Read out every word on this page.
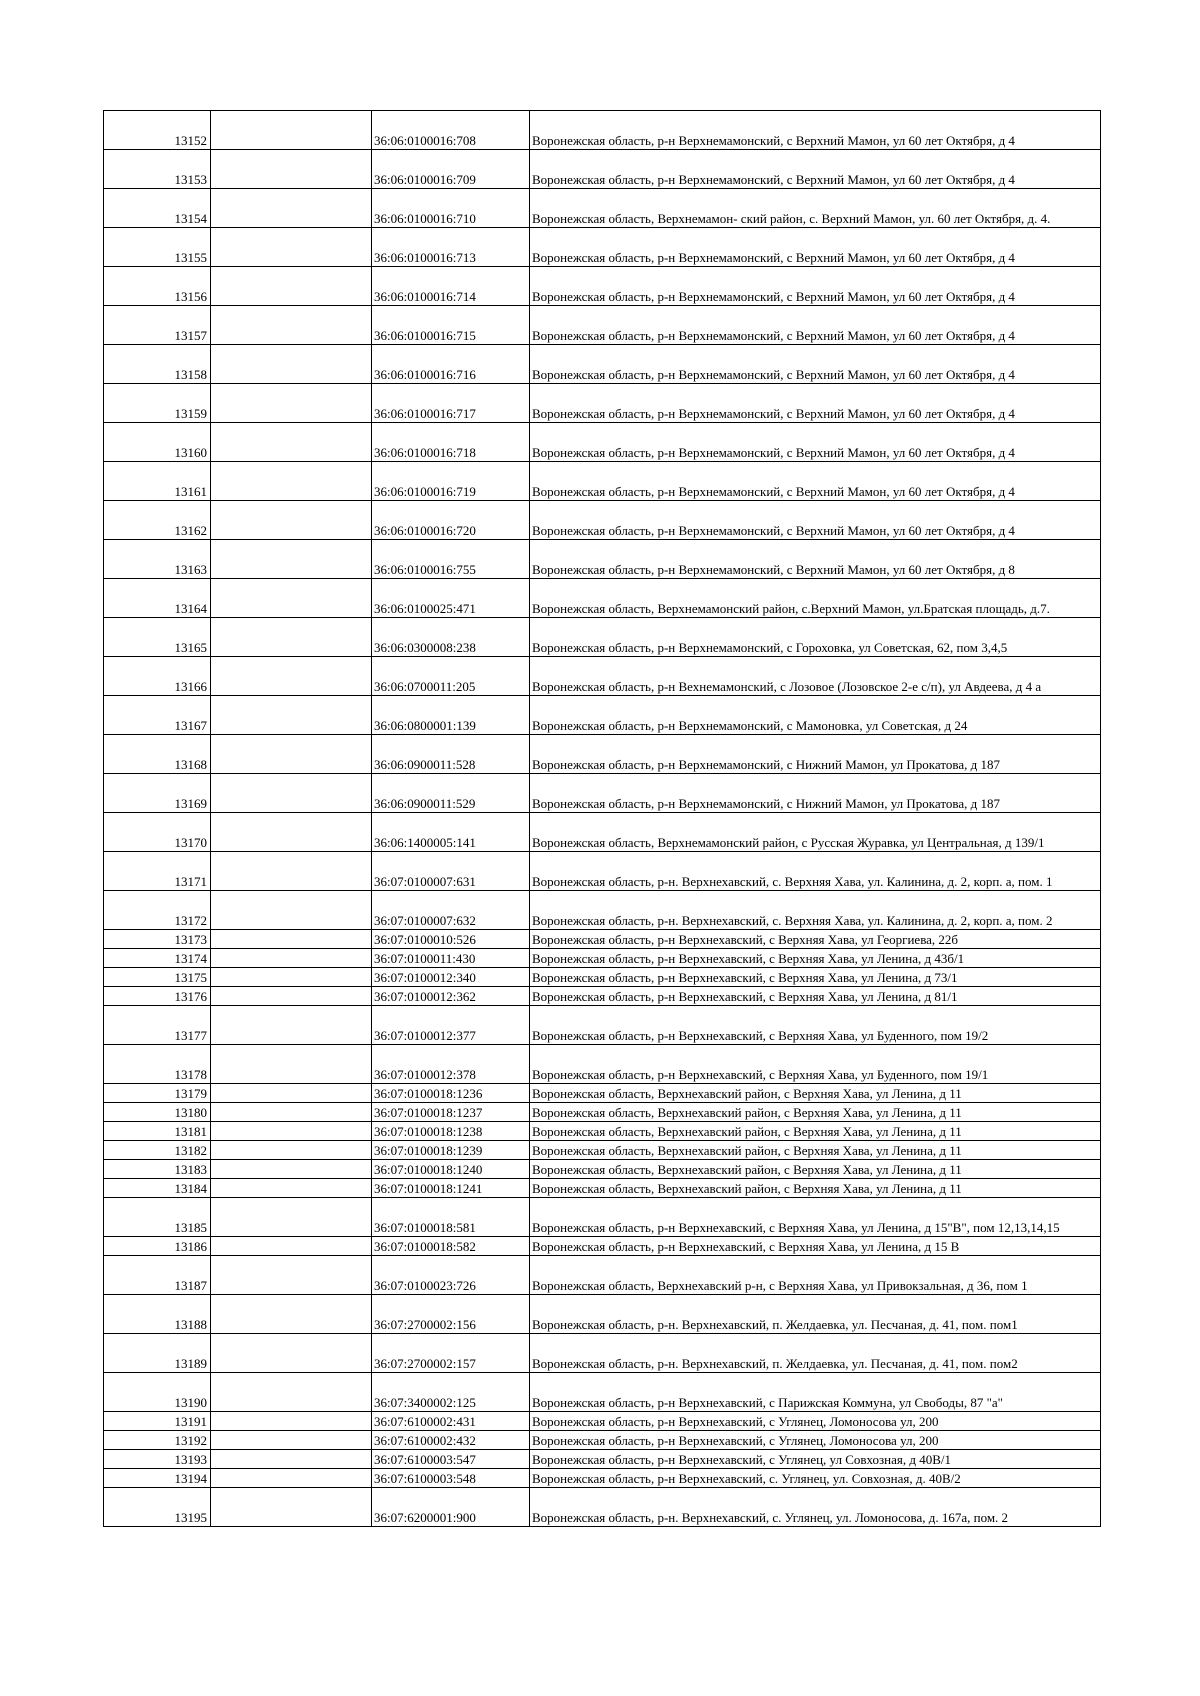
13152		36:06:0100016:708	Воронежская область, р-н Верхнемамонский, с Верхний Мамон, ул 60 лет Октября, д 4
13153		36:06:0100016:709	Воронежская область, р-н Верхнемамонский, с Верхний Мамон, ул 60 лет Октября, д 4
13154		36:06:0100016:710	Воронежская область, Верхнемамон- ский район, с. Верхний Мамон, ул. 60 лет Октября, д. 4.
13155		36:06:0100016:713	Воронежская область, р-н Верхнемамонский, с Верхний Мамон, ул 60 лет Октября, д 4
13156		36:06:0100016:714	Воронежская область, р-н Верхнемамонский, с Верхний Мамон, ул 60 лет Октября, д 4
13157		36:06:0100016:715	Воронежская область, р-н Верхнемамонский, с Верхний Мамон, ул 60 лет Октября, д 4
13158		36:06:0100016:716	Воронежская область, р-н Верхнемамонский, с Верхний Мамон, ул 60 лет Октября, д 4
13159		36:06:0100016:717	Воронежская область, р-н Верхнемамонский, с Верхний Мамон, ул 60 лет Октября, д 4
13160		36:06:0100016:718	Воронежская область, р-н Верхнемамонский, с Верхний Мамон, ул 60 лет Октября, д 4
13161		36:06:0100016:719	Воронежская область, р-н Верхнемамонский, с Верхний Мамон, ул 60 лет Октября, д 4
13162		36:06:0100016:720	Воронежская область, р-н Верхнемамонский, с Верхний Мамон, ул 60 лет Октября, д 4
13163		36:06:0100016:755	Воронежская область, р-н Верхнемамонский, с Верхний Мамон, ул 60 лет Октября, д 8
13164		36:06:0100025:471	Воронежская область, Верхнемамонский район, с.Верхний Мамон, ул.Братская площадь, д.7.
13165		36:06:0300008:238	Воронежская область, р-н Верхнемамонский, с Гороховка, ул Советская, 62, пом 3,4,5
13166		36:06:0700011:205	Воронежская область, р-н Вехнемамонский, с Лозовое (Лозовское 2-е с/п), ул Авдеева, д 4 а
13167		36:06:0800001:139	Воронежская область, р-н Верхнемамонский, с Мамоновка, ул Советская, д 24
13168		36:06:0900011:528	Воронежская область, р-н Верхнемамонский, с Нижний Мамон, ул Прокатова, д 187
13169		36:06:0900011:529	Воронежская область, р-н Верхнемамонский, с Нижний Мамон, ул Прокатова, д 187
13170		36:06:1400005:141	Воронежская область, Верхнемамонский район, с Русская Журавка, ул Центральная, д 139/1
13171		36:07:0100007:631	Воронежская область, р-н. Верхнехавский, с. Верхняя Хава, ул. Калинина, д. 2, корп. а, пом. 1
13172		36:07:0100007:632	Воронежская область, р-н. Верхнехавский, с. Верхняя Хава, ул. Калинина, д. 2, корп. а, пом. 2
13173		36:07:0100010:526	Воронежская область, р-н Верхнехавский, с Верхняя Хава, ул Георгиева, 22б
13174		36:07:0100011:430	Воронежская область, р-н Верхнехавский, с Верхняя Хава, ул Ленина, д 43б/1
13175		36:07:0100012:340	Воронежская область, р-н Верхнехавский, с Верхняя Хава, ул Ленина, д 73/1
13176		36:07:0100012:362	Воронежская область, р-н Верхнехавский, с Верхняя Хава, ул Ленина, д 81/1
13177		36:07:0100012:377	Воронежская область, р-н Верхнехавский, с Верхняя Хава, ул Буденного, пом 19/2
13178		36:07:0100012:378	Воронежская область, р-н Верхнехавский, с Верхняя Хава, ул Буденного, пом 19/1
13179		36:07:0100018:1236	Воронежская область, Верхнехавский район, с Верхняя Хава, ул Ленина, д 11
13180		36:07:0100018:1237	Воронежская область, Верхнехавский район, с Верхняя Хава, ул Ленина, д 11
13181		36:07:0100018:1238	Воронежская область, Верхнехавский район, с Верхняя Хава, ул Ленина, д 11
13182		36:07:0100018:1239	Воронежская область, Верхнехавский район, с Верхняя Хава, ул Ленина, д 11
13183		36:07:0100018:1240	Воронежская область, Верхнехавский район, с Верхняя Хава, ул Ленина, д 11
13184		36:07:0100018:1241	Воронежская область, Верхнехавский район, с Верхняя Хава, ул Ленина, д 11
13185		36:07:0100018:581	Воронежская область, р-н Верхнехавский, с Верхняя Хава, ул Ленина, д 15"В", пом 12,13,14,15
13186		36:07:0100018:582	Воронежская область, р-н Верхнехавский, с Верхняя Хава, ул Ленина, д 15 В
13187		36:07:0100023:726	Воронежская область, Верхнехавский р-н, с Верхняя Хава, ул Привокзальная, д 36, пом 1
13188		36:07:2700002:156	Воронежская область, р-н. Верхнехавский, п. Желдаевка, ул. Песчаная, д. 41, пом. пом1
13189		36:07:2700002:157	Воронежская область, р-н. Верхнехавский, п. Желдаевка, ул. Песчаная, д. 41, пом. пом2
13190		36:07:3400002:125	Воронежская область, р-н Верхнехавский, с Парижская Коммуна, ул Свободы, 87 "а"
13191		36:07:6100002:431	Воронежская область, р-н Верхнехавский, с Углянец, Ломоносова ул, 200
13192		36:07:6100002:432	Воронежская область, р-н Верхнехавский, с Углянец, Ломоносова ул, 200
13193		36:07:6100003:547	Воронежская область, р-н Верхнехавский, с Углянец, ул Совхозная, д 40В/1
13194		36:07:6100003:548	Воронежская область, р-н Верхнехавский, с. Углянец, ул. Совхозная, д. 40В/2
13195		36:07:6200001:900	Воронежская область, р-н. Верхнехавский, с. Углянец, ул. Ломоносова, д. 167а, пом. 2
